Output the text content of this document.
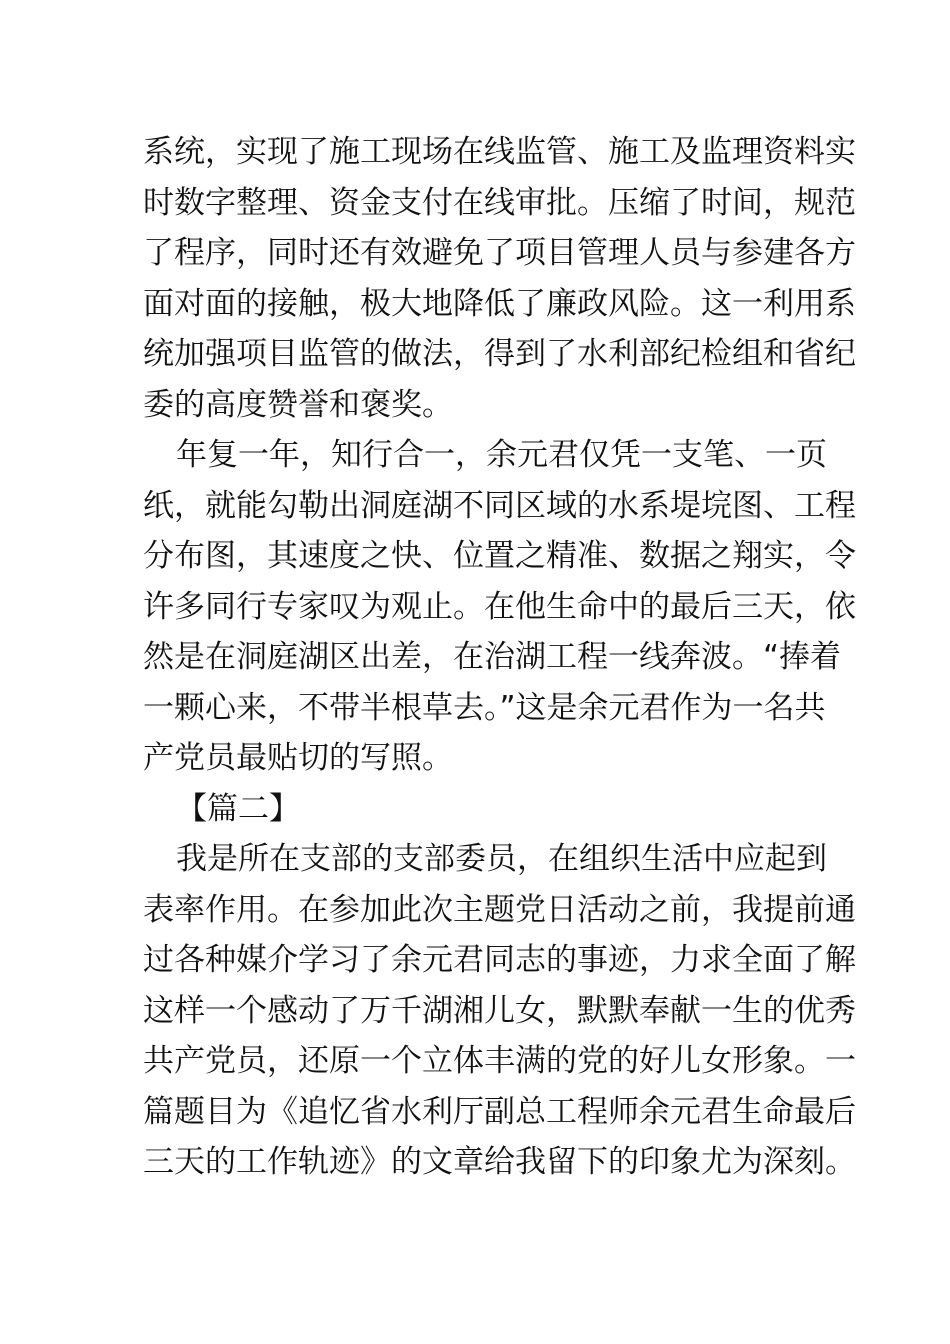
系统，实现了施工现场在线监管、施工及监理资料实
时数字整理、资金支付在线审批。压缩了时间，规范
了程序，同时还有效避免了项目管理人员与参建各方
面对面的接触，极大地降低了廉政风险。这一利用系
统加强项目监管的做法，得到了水利部纪检组和省纪
委的高度赞誉和褒奖。
年复一年，知行合一，余元君仅凭一支笔、一页
纸，就能勾勒出洞庭湖不同区域的水系堤垸图、工程
分布图，其速度之快、位置之精准、数据之翔实，令
许多同行专家叹为观止。在他生命中的最后三天，依
然是在洞庭湖区出差，在治湖工程一线奔波。“捧着
一颗心来，不带半根草去。”这是余元君作为一名共
产党员最贴切的写照。
【篇二】
我是所在支部的支部委员，在组织生活中应起到
表率作用。在参加此次主题党日活动之前，我提前通
过各种媒介学习了余元君同志的事迹，力求全面了解
这样一个感动了万千湖湘儿女，默默奉献一生的优秀
共产党员，还原一个立体丰满的党的好儿女形象。一
篇题目为《追忆省水利厅副总工程师余元君生命最后
三天的工作轨迹》的文章给我留下的印象尤为深刻。
